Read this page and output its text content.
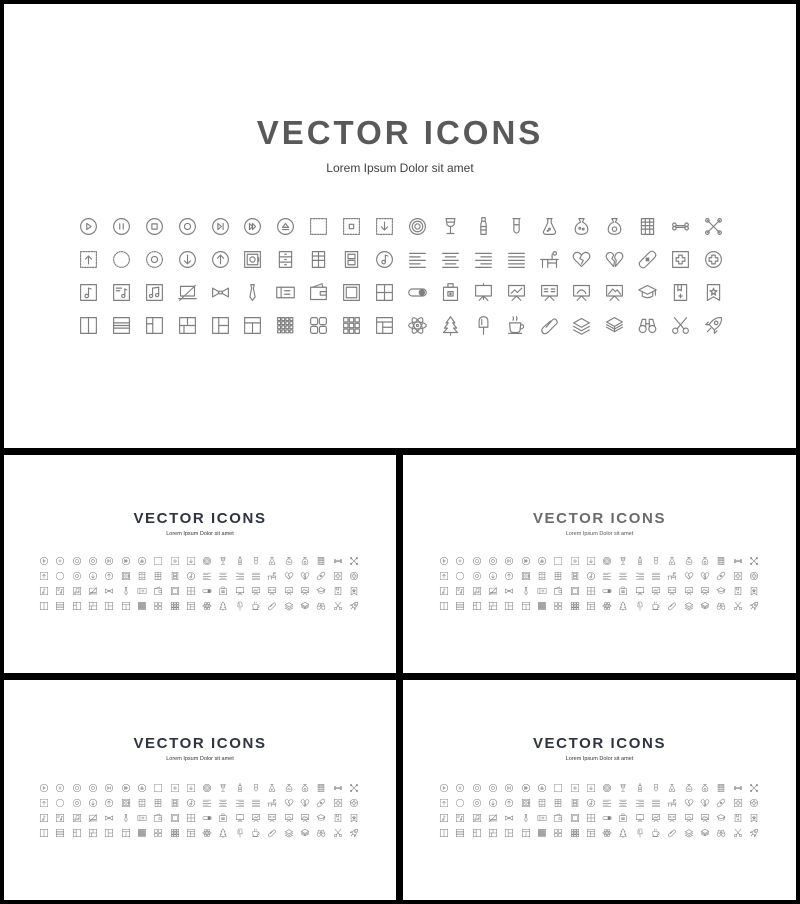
VECTOR ICONS
Lorem Ipsum Dolor sit amet
VECTOR ICONS
Lorem Ipsum Dolor sit amet
VECTOR ICONS
Lorem Ipsum Dolor sit amet
VECTOR ICONS
Lorem Ipsum Dolor sit amet
VECTOR ICONS
Lorem Ipsum Dolor sit amet
